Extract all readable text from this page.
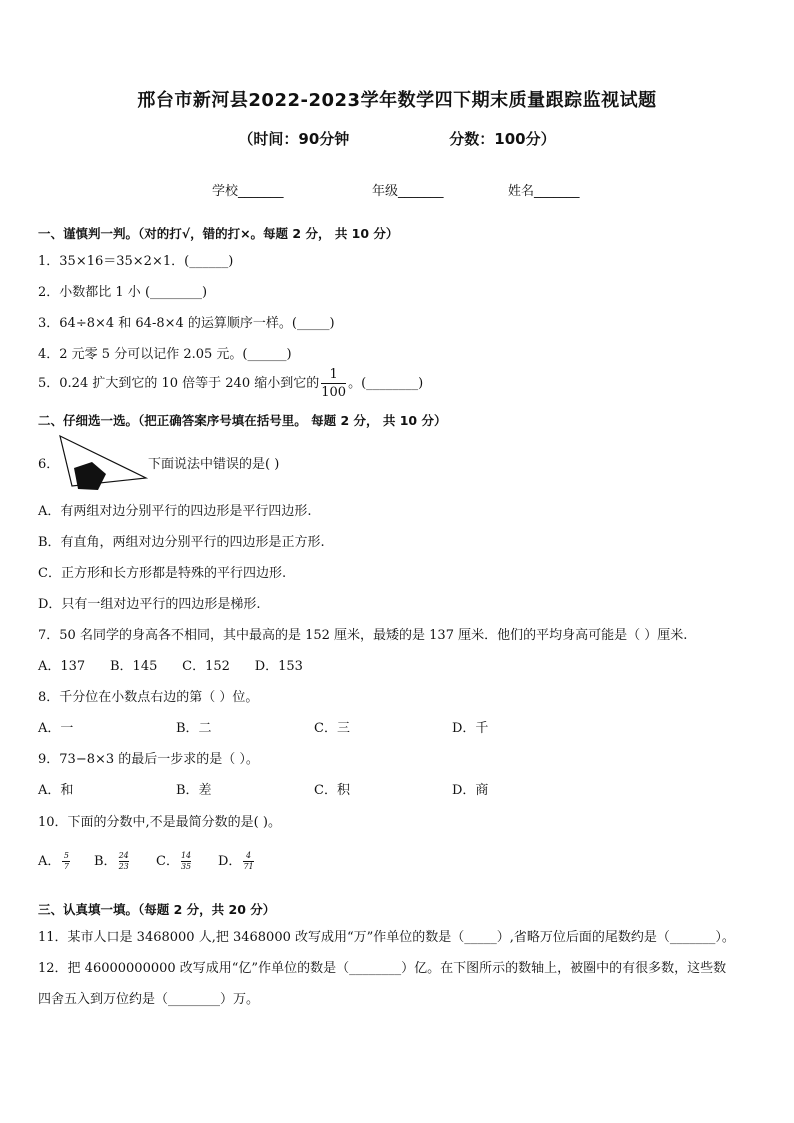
邢台市新河县2022-2023学年数学四下期末质量跟踪监视试题
（时间：90分钟	分数：100分）
学校_______	年级_______	姓名_______
一、谨慎判一判。（对的打√，错的打×。每题 2 分， 共 10 分）
1．35×16＝35×2×1．(______)
2．小数都比 1 小 (________)
3．64÷8×4 和 64-8×4 的运算顺序一样。(_____)
4．2 元零 5 分可以记作 2.05 元。(______)
5．0.24 扩大到它的 10 倍等于 240 缩小到它的 $\frac{1}{100}$ 。(________)
二、仔细选一选。（把正确答案序号填在括号里。 每题 2 分， 共 10 分）
6．	下面说法中错误的是( )
A．有两组对边分别平行的四边形是平行四边形.
B．有直角，两组对边分别平行的四边形是正方形.
C．正方形和长方形都是特殊的平行四边形.
D．只有一组对边平行的四边形是梯形.
7．50 名同学的身高各不相同，其中最高的是 152 厘米，最矮的是 137 厘米．他们的平均身高可能是（ ）厘米.
A．137      B．145      C．152      D．153
8．千分位在小数点右边的第（ ）位。
A．一	B．二	C．三	D．千
9．73−8×3 的最后一步求的是（ ）。
A．和	B．差	C．积	D．商
10．下面的分数中,不是最简分数的是( )。
A． $\frac{5}{7}$ B． $\frac{24}{23}$ C． $\frac{14}{35}$ D． $\frac{4}{71}$
三、认真填一填。（每题 2 分，共 20 分）
11．某市人口是 3468000 人,把 3468000 改写成用“万”作单位的数是（_____）,省略万位后面的尾数约是（_______）。
12．把 46000000000 改写成用“亿”作单位的数是（________）亿。在下图所示的数轴上，被圈中的有很多数，这些数
四舍五入到万位约是（________）万。
